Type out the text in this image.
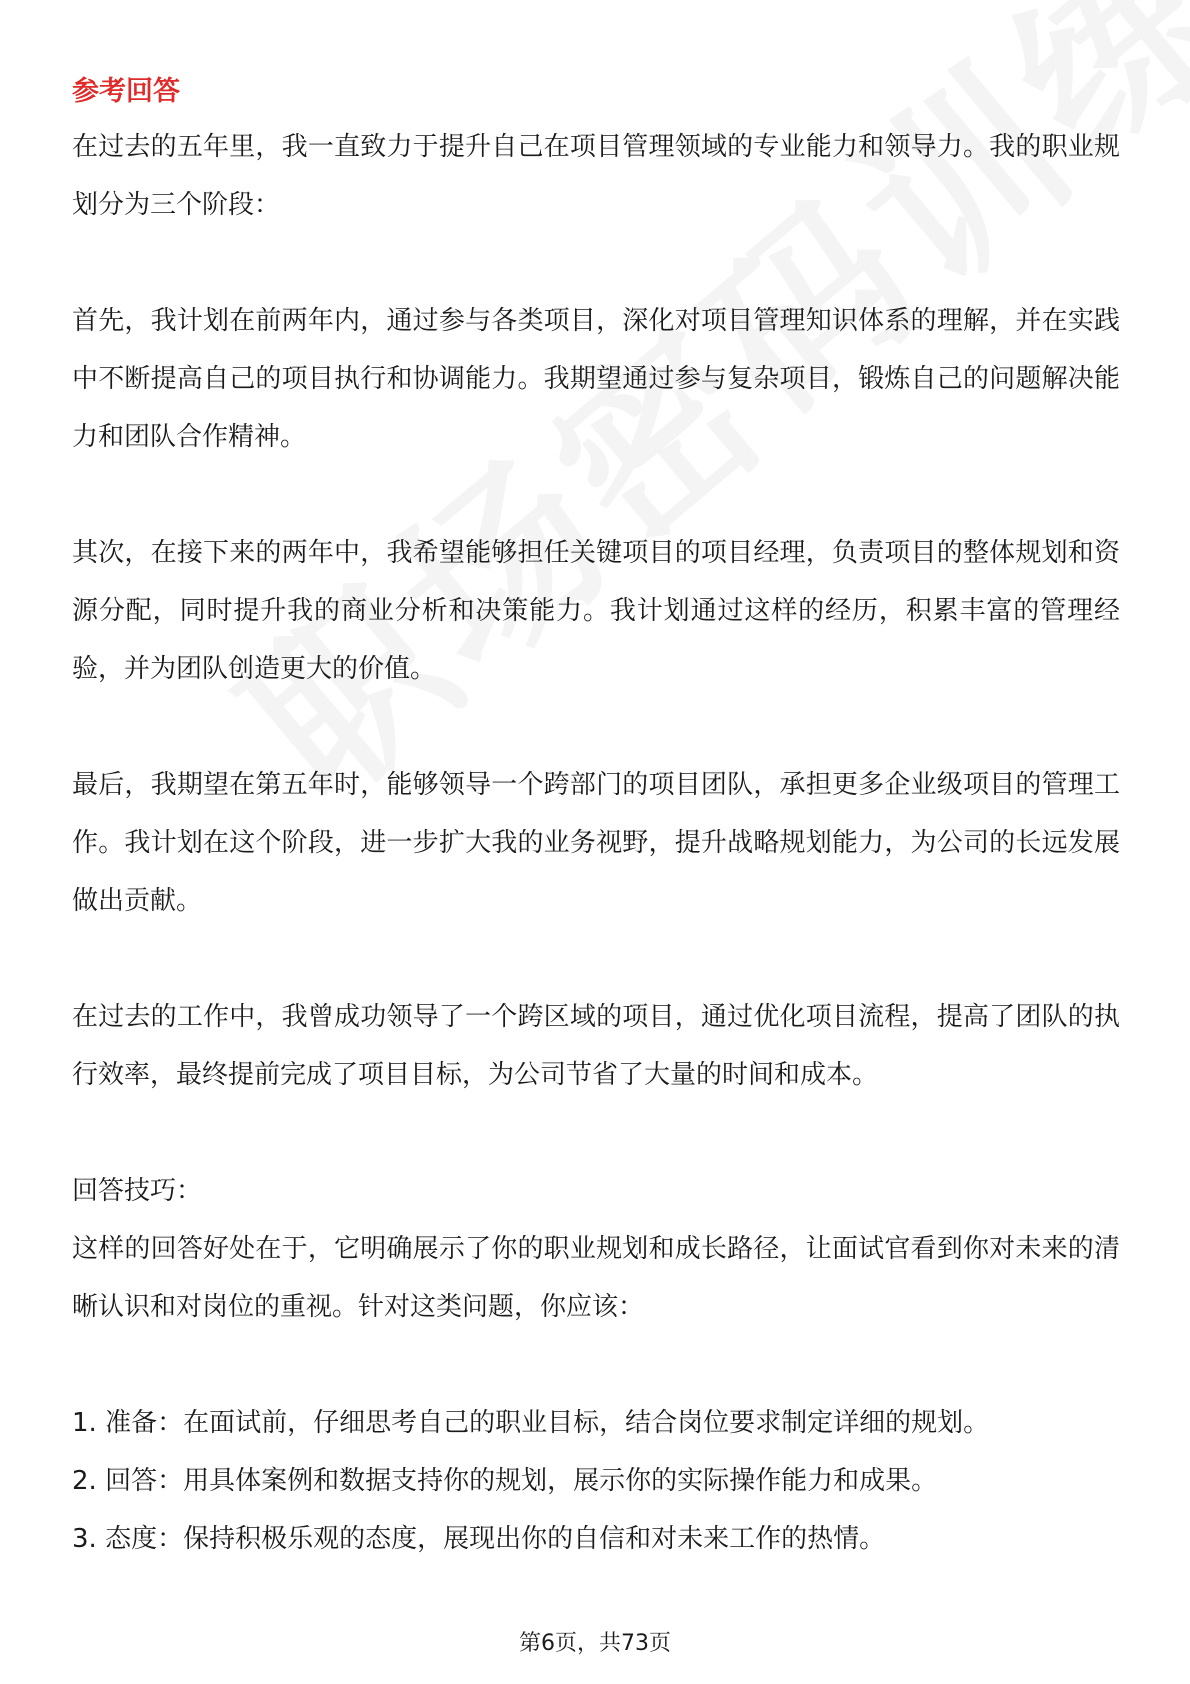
参考回答

在过去的五年里，我一直致力于提升自己在项目管理领域的专业能力和领导力。我的职业规划分为三个阶段：

首先，我计划在前两年内，通过参与各类项目，深化对项目管理知识体系的理解，并在实践中不断提高自己的项目执行和协调能力。我期望通过参与复杂项目，锻炼自己的问题解决能力和团队合作精神。

其次，在接下来的两年中，我希望能够担任关键项目的项目经理，负责项目的整体规划和资源分配，同时提升我的商业分析和决策能力。我计划通过这样的经历，积累丰富的管理经验，并为团队创造更大的价值。

最后，我期望在第五年时，能够领导一个跨部门的项目团队，承担更多企业级项目的管理工作。我计划在这个阶段，进一步扩大我的业务视野，提升战略规划能力，为公司的长远发展做出贡献。

在过去的工作中，我曾成功领导了一个跨区域的项目，通过优化项目流程，提高了团队的执行效率，最终提前完成了项目目标，为公司节省了大量的时间和成本。

回答技巧：

这样的回答好处在于，它明确展示了你的职业规划和成长路径，让面试官看到你对未来的清晰认识和对岗位的重视。针对这类问题，你应该：

1. 准备：在面试前，仔细思考自己的职业目标，结合岗位要求制定详细的规划。
2. 回答：用具体案例和数据支持你的规划，展示你的实际操作能力和成果。
3. 态度：保持积极乐观的态度，展现出你的自信和对未来工作的热情。
第6页，共73页
